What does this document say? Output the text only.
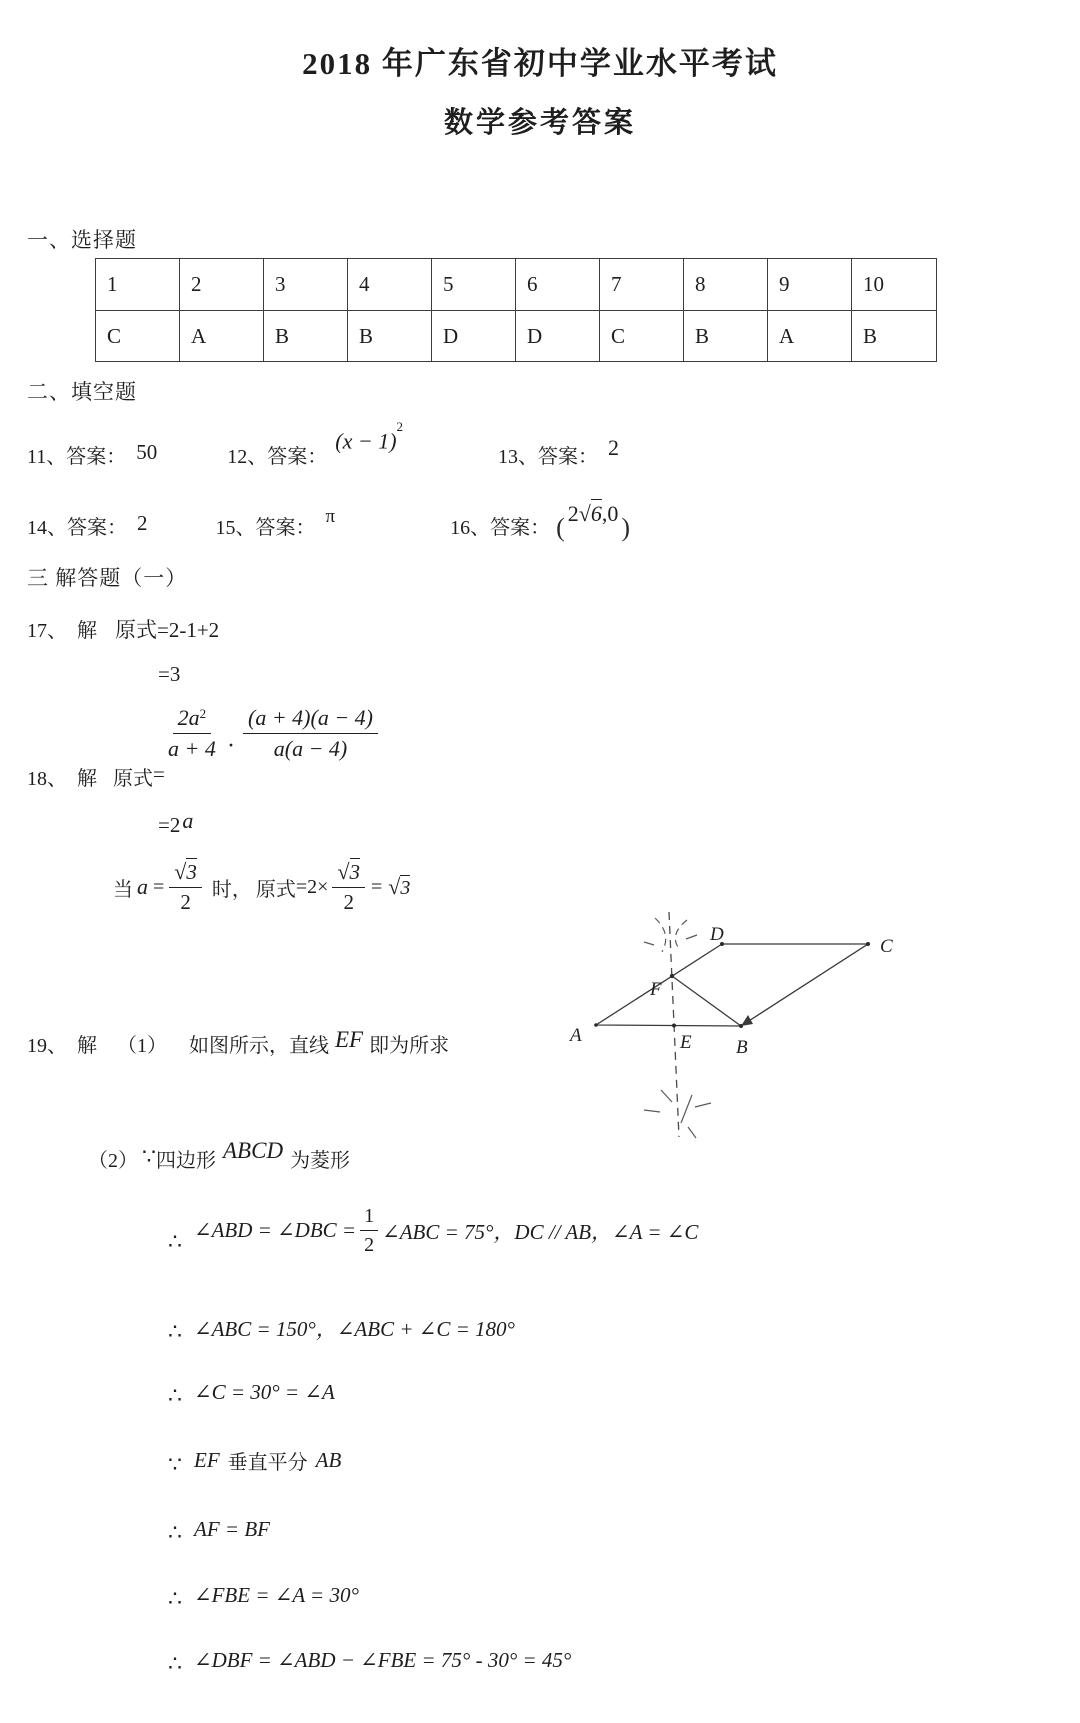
2018 年广东省初中学业水平考试
数学参考答案
一、选择题
1	2	3	4	5	6	7	8	9	10
C	A	B	B	D	D	C	B	A	B
二、填空题
11、 答案： 50	12、 答案：
$(x - 1)^2$
13、 答案： 2
14、 答案： 2	15、 答案：
π
16、 答案： ( 2√6,0 )
三 解答题（一）
17、 解 原式=2-1+2
=3
18、 解 原式 =
$\frac{2a^2}{a + 4} \cdot \frac{(a + 4)(a - 4)}{a(a - 4)}$
=2a
当 $a = \frac{√3}{2}$ 时， 原式 $=2\times \frac{√3}{2} = √3$
19、 解 （1） 如图所示，直线 EF 即为所求	A
B
C
D
E
F
（2） ∵ 四边形 ABCD 为菱形
∴ ∠ABD = ∠DBC = $\frac{1}{2}$ ∠ABC = 75°，DC // AB，∠A = ∠C
∴ ∠ABC = 150°，∠ABC + ∠C = 180°
∴ ∠C = 30° = ∠A
∵ EF 垂直平分 AB
∴ AF = BF
∴ ∠FBE = ∠A = 30°
∴ ∠DBF = ∠ABD − ∠FBE = 75° - 30° = 45°
